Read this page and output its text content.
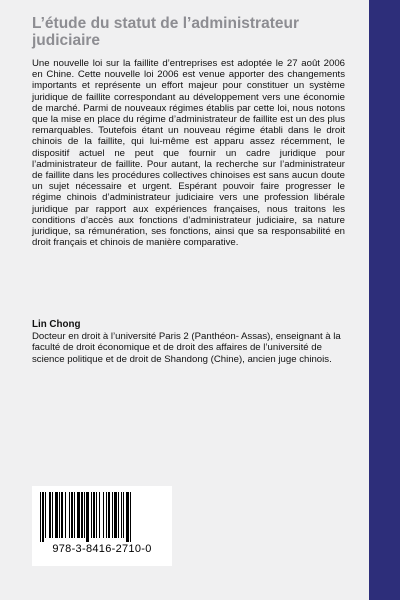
L’étude du statut de l’administrateur judiciaire

Une nouvelle loi sur la faillite d’entreprises est adoptée le 27 août 2006 en Chine. Cette nouvelle loi 2006 est venue apporter des changements importants et représente un effort majeur pour constituer un système juridique de faillite correspondant au développement vers une économie de marché. Parmi de nouveaux régimes établis par cette loi, nous notons que la mise en place du régime d’administrateur de faillite est un des plus remarquables. Toutefois étant un nouveau régime établi dans le droit chinois de la faillite, qui lui-même est apparu assez récemment, le dispositif actuel ne peut que fournir un cadre juridique pour l’administrateur de faillite. Pour autant, la recherche sur l’administrateur de faillite dans les procédures collectives chinoises est sans aucun doute un sujet nécessaire et urgent. Espérant pouvoir faire progresser le régime chinois d’administrateur judiciaire vers une profession libérale juridique par rapport aux expériences françaises, nous traitons les conditions d’accès aux fonctions d’administrateur judiciaire, sa nature juridique, sa rémunération, ses fonctions, ainsi que sa responsabilité en droit français et chinois de manière comparative.

Lin Chong

Docteur en droit à l’université Paris 2 (Panthéon- Assas), enseignant à la faculté de droit économique et de droit des affaires de l’université de science politique et de droit de Shandong (Chine), ancien juge chinois.

978-3-8416-2710-0
